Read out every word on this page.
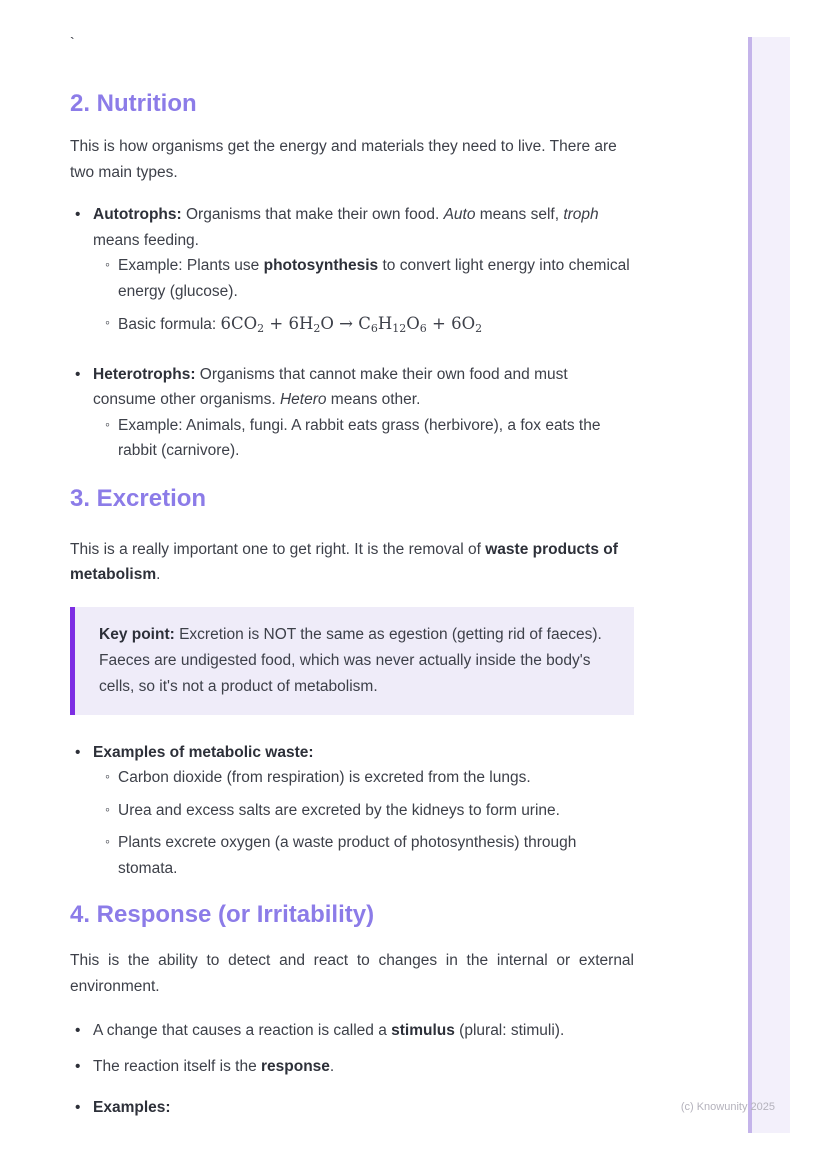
`
2. Nutrition

This is how organisms get the energy and materials they need to live. There are two main types.

•
Autotrophs: Organisms that make their own food. Auto means self, troph means feeding.
◦
Example: Plants use photosynthesis to convert light energy into chemical energy (glucose).
◦
Basic formula: 6CO2 + 6H2O → C6H12O6 + 6O2
•
Heterotrophs: Organisms that cannot make their own food and must consume other organisms. Hetero means other.
◦
Example: Animals, fungi. A rabbit eats grass (herbivore), a fox eats the rabbit (carnivore).
3. Excretion

This is a really important one to get right. It is the removal of waste products of metabolism.

Key point: Excretion is NOT the same as egestion (getting rid of faeces). Faeces are undigested food, which was never actually inside the body's cells, so it's not a product of metabolism.
•
Examples of metabolic waste:
◦
Carbon dioxide (from respiration) is excreted from the lungs.
◦
Urea and excess salts are excreted by the kidneys to form urine.
◦
Plants excrete oxygen (a waste product of photosynthesis) through stomata.
4. Response (or Irritability)

This is the ability to detect and react to changes in the internal or external environment.

•
A change that causes a reaction is called a stimulus (plural: stimuli).
•
The reaction itself is the response.
•
Examples:	(c) Knowunity 2025
